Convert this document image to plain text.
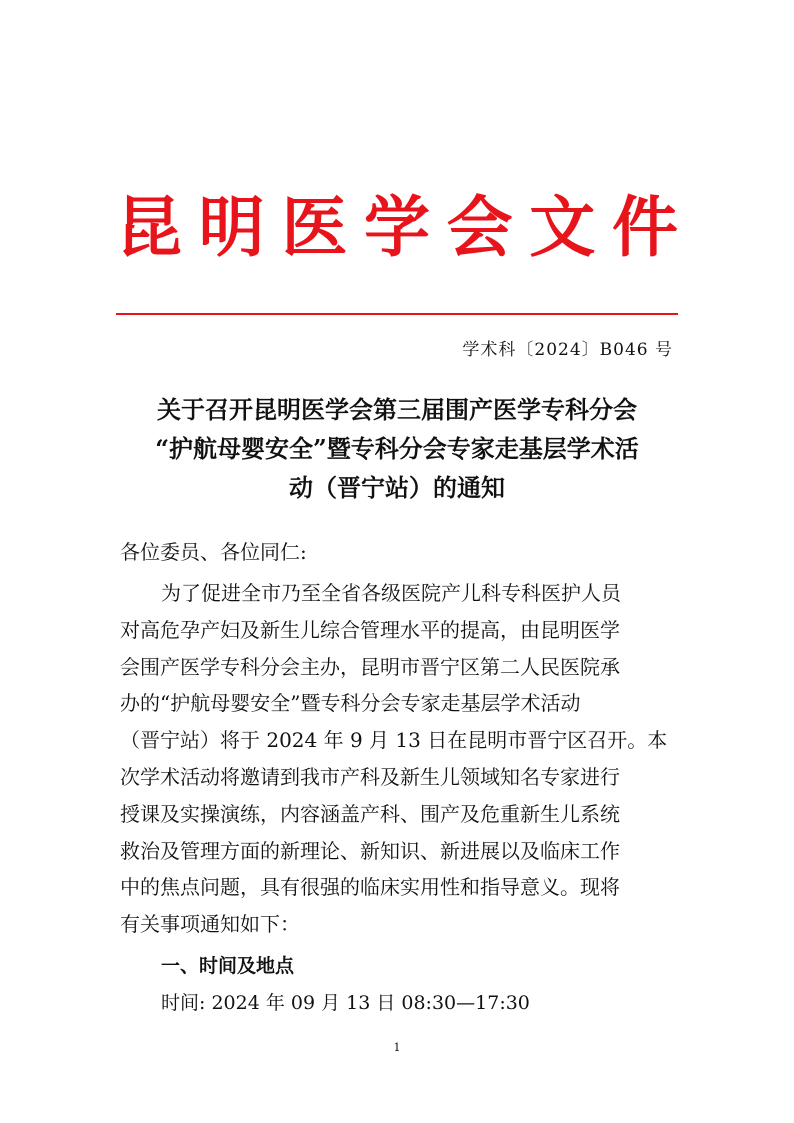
昆 明 医 学 会 文 件
学术科〔2024〕B046 号
关于召开昆明医学会第三届围产医学专科分会
“护航母婴安全”暨专科分会专家走基层学术活
动（晋宁站）的通知
各位委员、各位同仁:
为了促进全市乃至全省各级医院产儿科专科医护人员
对高危孕产妇及新生儿综合管理水平的提高，由昆明医学
会围产医学专科分会主办，昆明市晋宁区第二人民医院承
办的“护航母婴安全”暨专科分会专家走基层学术活动
（晋宁站）将于 2024 年 9 月 13 日在昆明市晋宁区召开。本
次学术活动将邀请到我市产科及新生儿领域知名专家进行
授课及实操演练，内容涵盖产科、围产及危重新生儿系统
救治及管理方面的新理论、新知识、新进展以及临床工作
中的焦点问题，具有很强的临床实用性和指导意义。现将
有关事项通知如下：
一、时间及地点
时间: 2024 年 09 月 13 日 08:30—17:30
1
